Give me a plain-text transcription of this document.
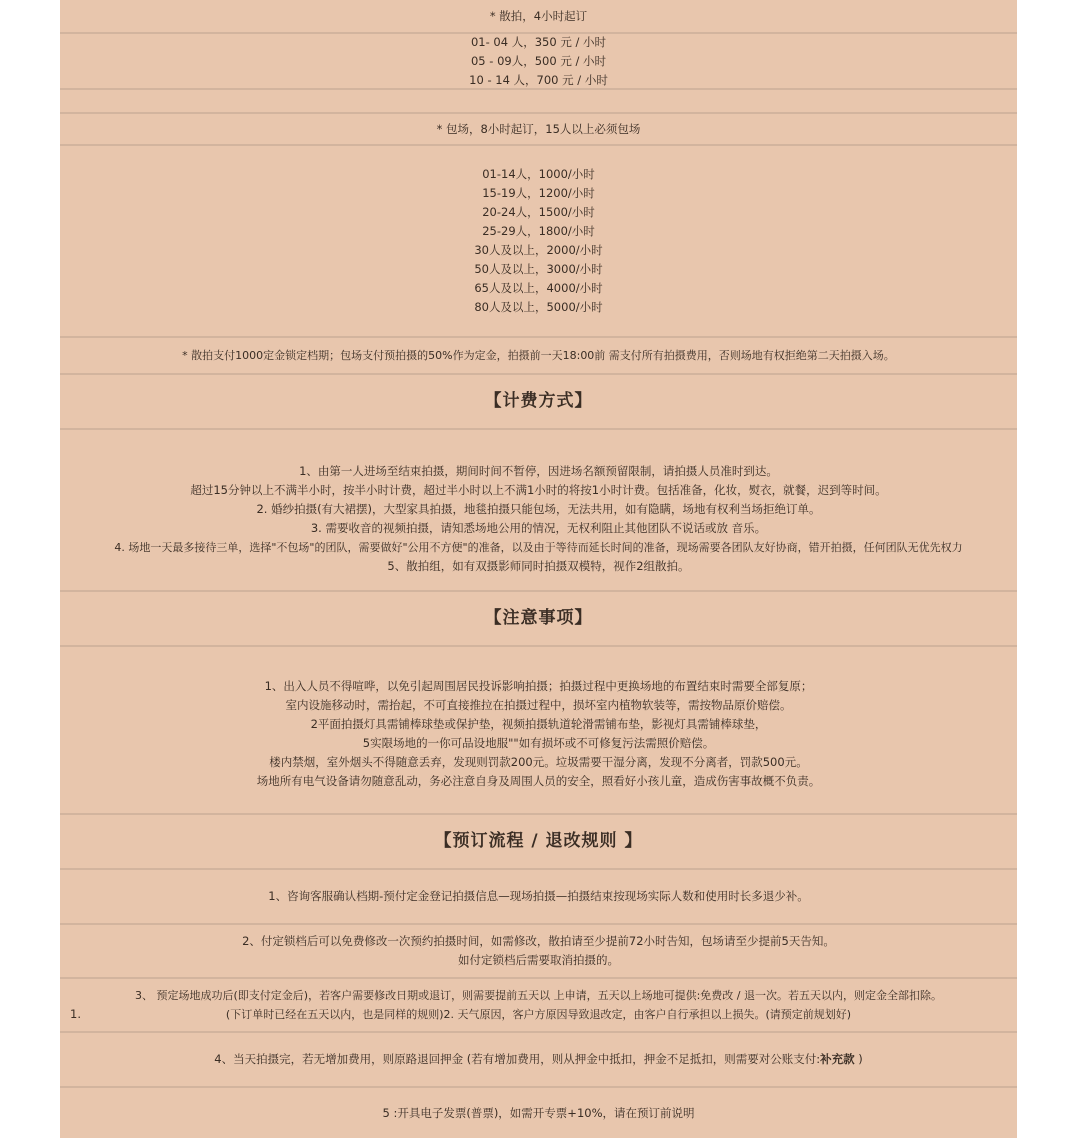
* 散拍，4小时起订
01- 04 人，350 元 / 小时
05 - 09人，500 元 / 小时
10 - 14 人，700 元 / 小时
* 包场，8小时起订，15人以上必须包场
01-14人，1000/小时
15-19人，1200/小时
20-24人，1500/小时
25-29人，1800/小时
30人及以上，2000/小时
50人及以上，3000/小时
65人及以上，4000/小时
80人及以上，5000/小时
* 散拍支付1000定金锁定档期；包场支付预拍摄的50%作为定金，拍摄前一天18:00前 需支付所有拍摄费用，否则场地有权拒绝第二天拍摄入场。
【计费方式】
1、由第一人进场至结束拍摄，期间时间不暂停，因进场名额预留限制，请拍摄人员准时到达。
超过15分钟以上不满半小时，按半小时计费，超过半小时以上不满1小时的将按1小时计费。包括准备，化妆，熨衣，就餐，迟到等时间。
2. 婚纱拍摄(有大裙摆)，大型家具拍摄，地毯拍摄只能包场，无法共用，如有隐瞒，场地有权利当场拒绝订单。
3. 需要收音的视频拍摄，请知悉场地公用的情况，无权利阻止其他团队不说话或放 音乐。
4. 场地一天最多接待三单，选择"不包场"的团队，需要做好"公用不方便"的准备，以及由于等待而延长时间的准备，现场需要各团队友好协商，错开拍摄，任何团队无优先权力
5、散拍组，如有双摄影师同时拍摄双模特，视作2组散拍。
【注意事项】
1、出入人员不得喧哗，以免引起周围居民投诉影响拍摄；拍摄过程中更换场地的布置结束时需要全部复原；
室内设施移动时，需抬起，不可直接推拉在拍摄过程中，损坏室内植物软装等，需按物品原价赔偿。
2平面拍摄灯具需铺棒球垫或保护垫，视频拍摄轨道轮滑需铺布垫，影视灯具需铺棒球垫，
5实限场地的一你可品设地服""如有损坏或不可修复污法需照价赔偿。
楼内禁烟，室外烟头不得随意丢弃，发现则罚款200元。垃圾需要干湿分离，发现不分离者，罚款500元。
场地所有电气设备请勿随意乱动，务必注意自身及周围人员的安全，照看好小孩儿童，造成伤害事故概不负责。
【预订流程 / 退改规则 】
1、咨询客服确认档期-预付定金登记拍摄信息—现场拍摄—拍摄结束按现场实际人数和使用时长多退少补。
2、付定锁档后可以免费修改一次预约拍摄时间，如需修改，散拍请至少提前72小时告知，包场请至少提前5天告知。
如付定锁档后需要取消拍摄的。
3、 预定场地成功后(即支付定金后)，若客户需要修改日期或退订，则需要提前五天以 上申请，五天以上场地可提供:免费改 / 退一次。若五天以内，则定金全部扣除。
1.	(下订单时已经在五天以内，也是同样的规则)2. 天气原因，客户方原因导致退改定，由客户自行承担以上损失。(请预定前规划好)
4、当天拍摄完，若无增加费用，则原路退回押金 (若有增加费用，则从押金中抵扣，押金不足抵扣，则需要对公账支付:补充款 )
5 :开具电子发票(普票)，如需开专票+10%，请在预订前说明
